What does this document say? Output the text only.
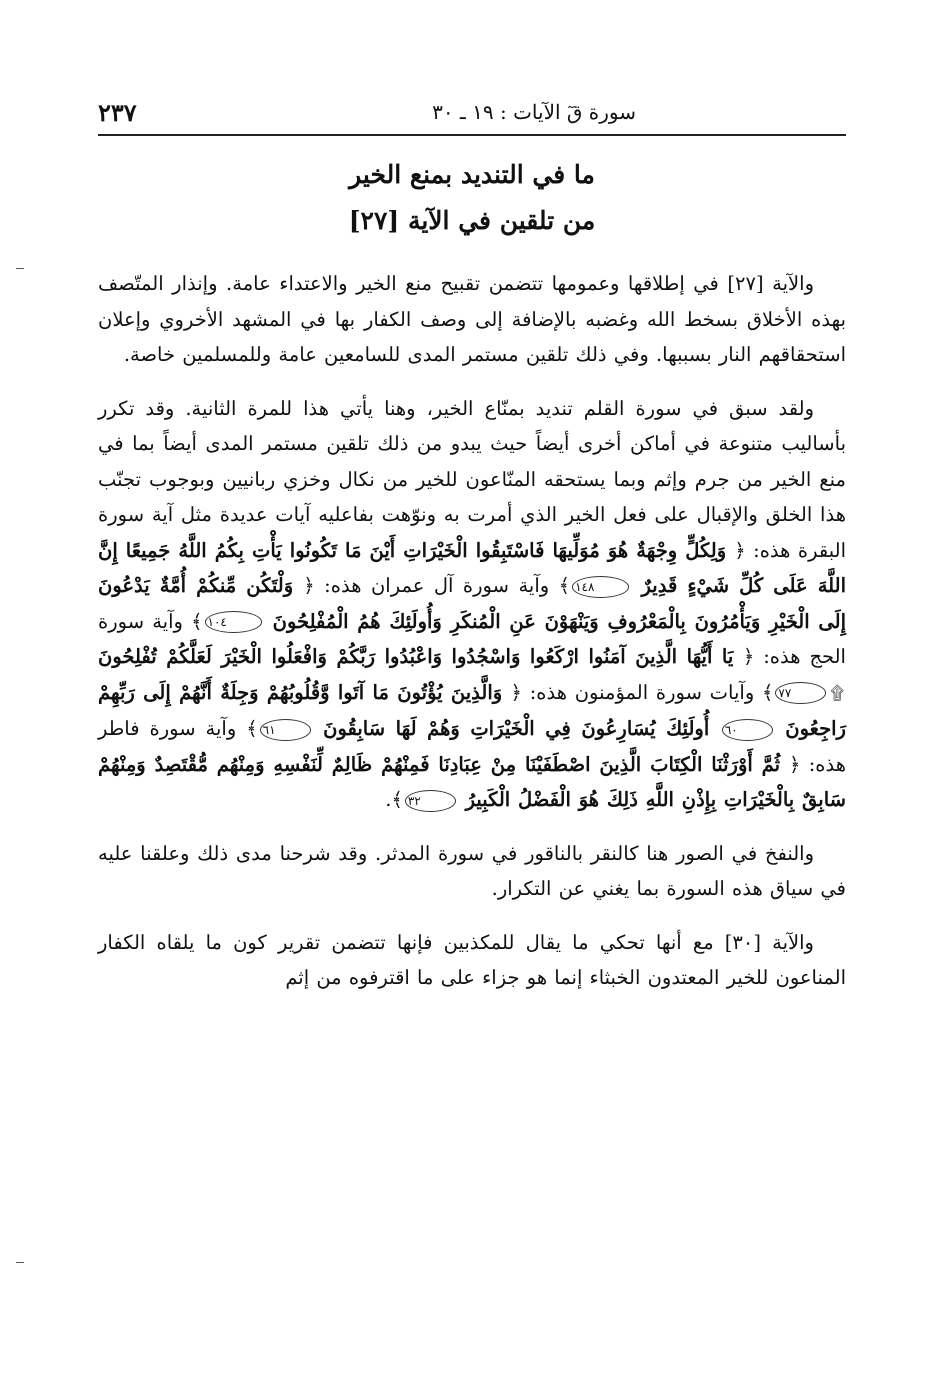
٢٣٧	سورة قٓ الآيات : ١٩ ـ ٣٠
ما في التنديد بمنع الخير
من تلقين في الآية [٢٧]

والآية [٢٧] في إطلاقها وعمومها تتضمن تقبيح منع الخير والاعتداء عامة. وإنذار المتّصف بهذه الأخلاق بسخط الله وغضبه بالإضافة إلى وصف الكفار بها في المشهد الأخروي وإعلان استحقاقهم النار بسببها. وفي ذلك تلقين مستمر المدى للسامعين عامة وللمسلمين خاصة.

ولقد سبق في سورة القلم تنديد بمنّاع الخير، وهنا يأتي هذا للمرة الثانية. وقد تكرر بأساليب متنوعة في أماكن أخرى أيضاً حيث يبدو من ذلك تلقين مستمر المدى أيضاً بما في منع الخير من جرم وإثم وبما يستحقه المنّاعون للخير من نكال وخزي ربانيين وبوجوب تجنّب هذا الخلق والإقبال على فعل الخير الذي أمرت به ونوّهت بفاعليه آيات عديدة مثل آية سورة البقرة هذه: ﴿ وَلِكُلٍّ وِجْهَةٌ هُوَ مُوَلِّيهَا فَاسْتَبِقُوا الْخَيْرَاتِ أَيْنَ مَا تَكُونُوا يَأْتِ بِكُمُ اللَّهُ جَمِيعًا إِنَّ اللَّهَ عَلَى كُلِّ شَيْءٍ قَدِيرٌ ١٤٨﴾ وآية سورة آل عمران هذه: ﴿ وَلْتَكُن مِّنكُمْ أُمَّةٌ يَدْعُونَ إِلَى الْخَيْرِ وَيَأْمُرُونَ بِالْمَعْرُوفِ وَيَنْهَوْنَ عَنِ الْمُنكَرِ وَأُولَئِكَ هُمُ الْمُفْلِحُونَ ١٠٤﴾ وآية سورة الحج هذه: ﴿ يَا أَيُّهَا الَّذِينَ آمَنُوا ارْكَعُوا وَاسْجُدُوا وَاعْبُدُوا رَبَّكُمْ وَافْعَلُوا الْخَيْرَ لَعَلَّكُمْ تُفْلِحُونَ ۩٧٧﴾ وآيات سورة المؤمنون هذه: ﴿ وَالَّذِينَ يُؤْتُونَ مَا آتَوا وَّقُلُوبُهُمْ وَجِلَةٌ أَنَّهُمْ إِلَى رَبِّهِمْ رَاجِعُونَ ٦٠ أُولَئِكَ يُسَارِعُونَ فِي الْخَيْرَاتِ وَهُمْ لَهَا سَابِقُونَ ٦١﴾ وآية سورة فاطر هذه: ﴿ ثُمَّ أَوْرَثْنَا الْكِتَابَ الَّذِينَ اصْطَفَيْنَا مِنْ عِبَادِنَا فَمِنْهُمْ ظَالِمٌ لِّنَفْسِهِ وَمِنْهُم مُّقْتَصِدٌ وَمِنْهُمْ سَابِقٌ بِالْخَيْرَاتِ بِإِذْنِ اللَّهِ ذَلِكَ هُوَ الْفَضْلُ الْكَبِيرُ ٣٢﴾.

والنفخ في الصور هنا كالنقر بالناقور في سورة المدثر. وقد شرحنا مدى ذلك وعلقنا عليه في سياق هذه السورة بما يغني عن التكرار.

والآية [٣٠] مع أنها تحكي ما يقال للمكذبين فإنها تتضمن تقرير كون ما يلقاه الكفار المناعون للخير المعتدون الخبثاء إنما هو جزاء على ما اقترفوه من إثم
